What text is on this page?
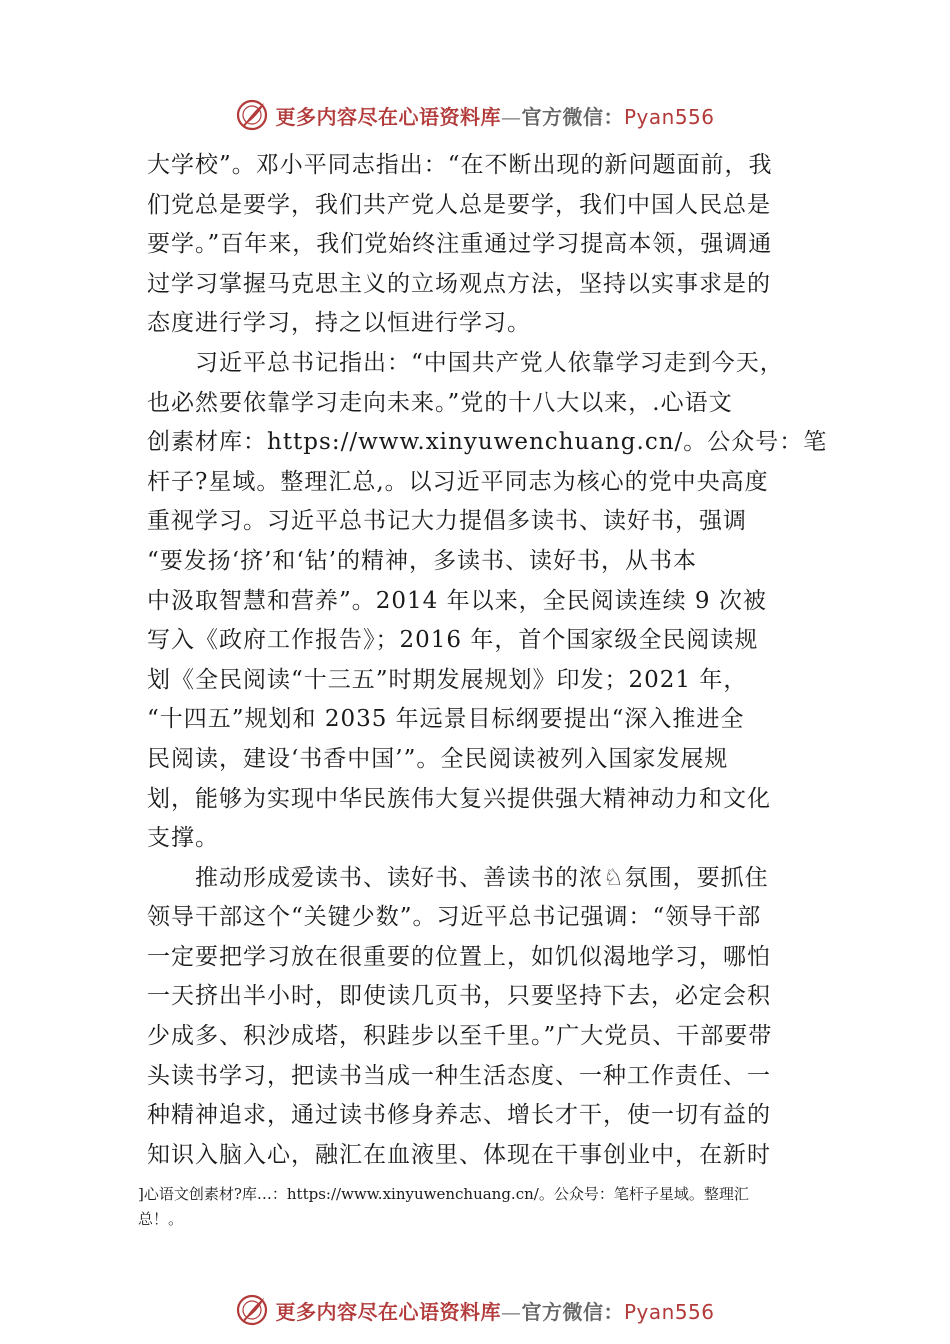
更多内容尽在心语资料库—官方微信：Pyan556
大学校”。邓小平同志指出：“在不断出现的新问题面前，我
们党总是要学，我们共产党人总是要学，我们中国人民总是
要学。”百年来，我们党始终注重通过学习提高本领，强调通
过学习掌握马克思主义的立场观点方法，坚持以实事求是的
态度进行学习，持之以恒进行学习。
　　习近平总书记指出：“中国共产党人依靠学习走到今天，
也必然要依靠学习走向未来。”党的十八大以来，.心语文
创素材库：https://www.xinyuwenchuang.cn/。公众号：笔
杆子?星域。整理汇总,。以习近平同志为核心的党中央高度
重视学习。习近平总书记大力提倡多读书、读好书，强调
“要发扬‘挤’和‘钻’的精神，多读书、读好书，从书本
中汲取智慧和营养”。2014 年以来，全民阅读连续 9 次被
写入《政府工作报告》；2016 年，首个国家级全民阅读规
划《全民阅读“十三五”时期发展规划》印发；2021 年，
“十四五”规划和 2035 年远景目标纲要提出“深入推进全
民阅读，建设‘书香中国’”。全民阅读被列入国家发展规
划，能够为实现中华民族伟大复兴提供强大精神动力和文化
支撑。
　　推动形成爱读书、读好书、善读书的浓♘氛围，要抓住
领导干部这个“关键少数”。习近平总书记强调：“领导干部
一定要把学习放在很重要的位置上，如饥似渴地学习，哪怕
一天挤出半小时，即使读几页书，只要坚持下去，必定会积
少成多、积沙成塔，积跬步以至千里。”广大党员、干部要带
头读书学习，把读书当成一种生活态度、一种工作责任、一
种精神追求，通过读书修身养志、增长才干，使一切有益的
知识入脑入心，融汇在血液里、体现在干事创业中，在新时
]心语文创素材?库…：https://www.xinyuwenchuang.cn/。公众号：笔杆子星域。整理汇
总！。
更多内容尽在心语资料库—官方微信：Pyan556
